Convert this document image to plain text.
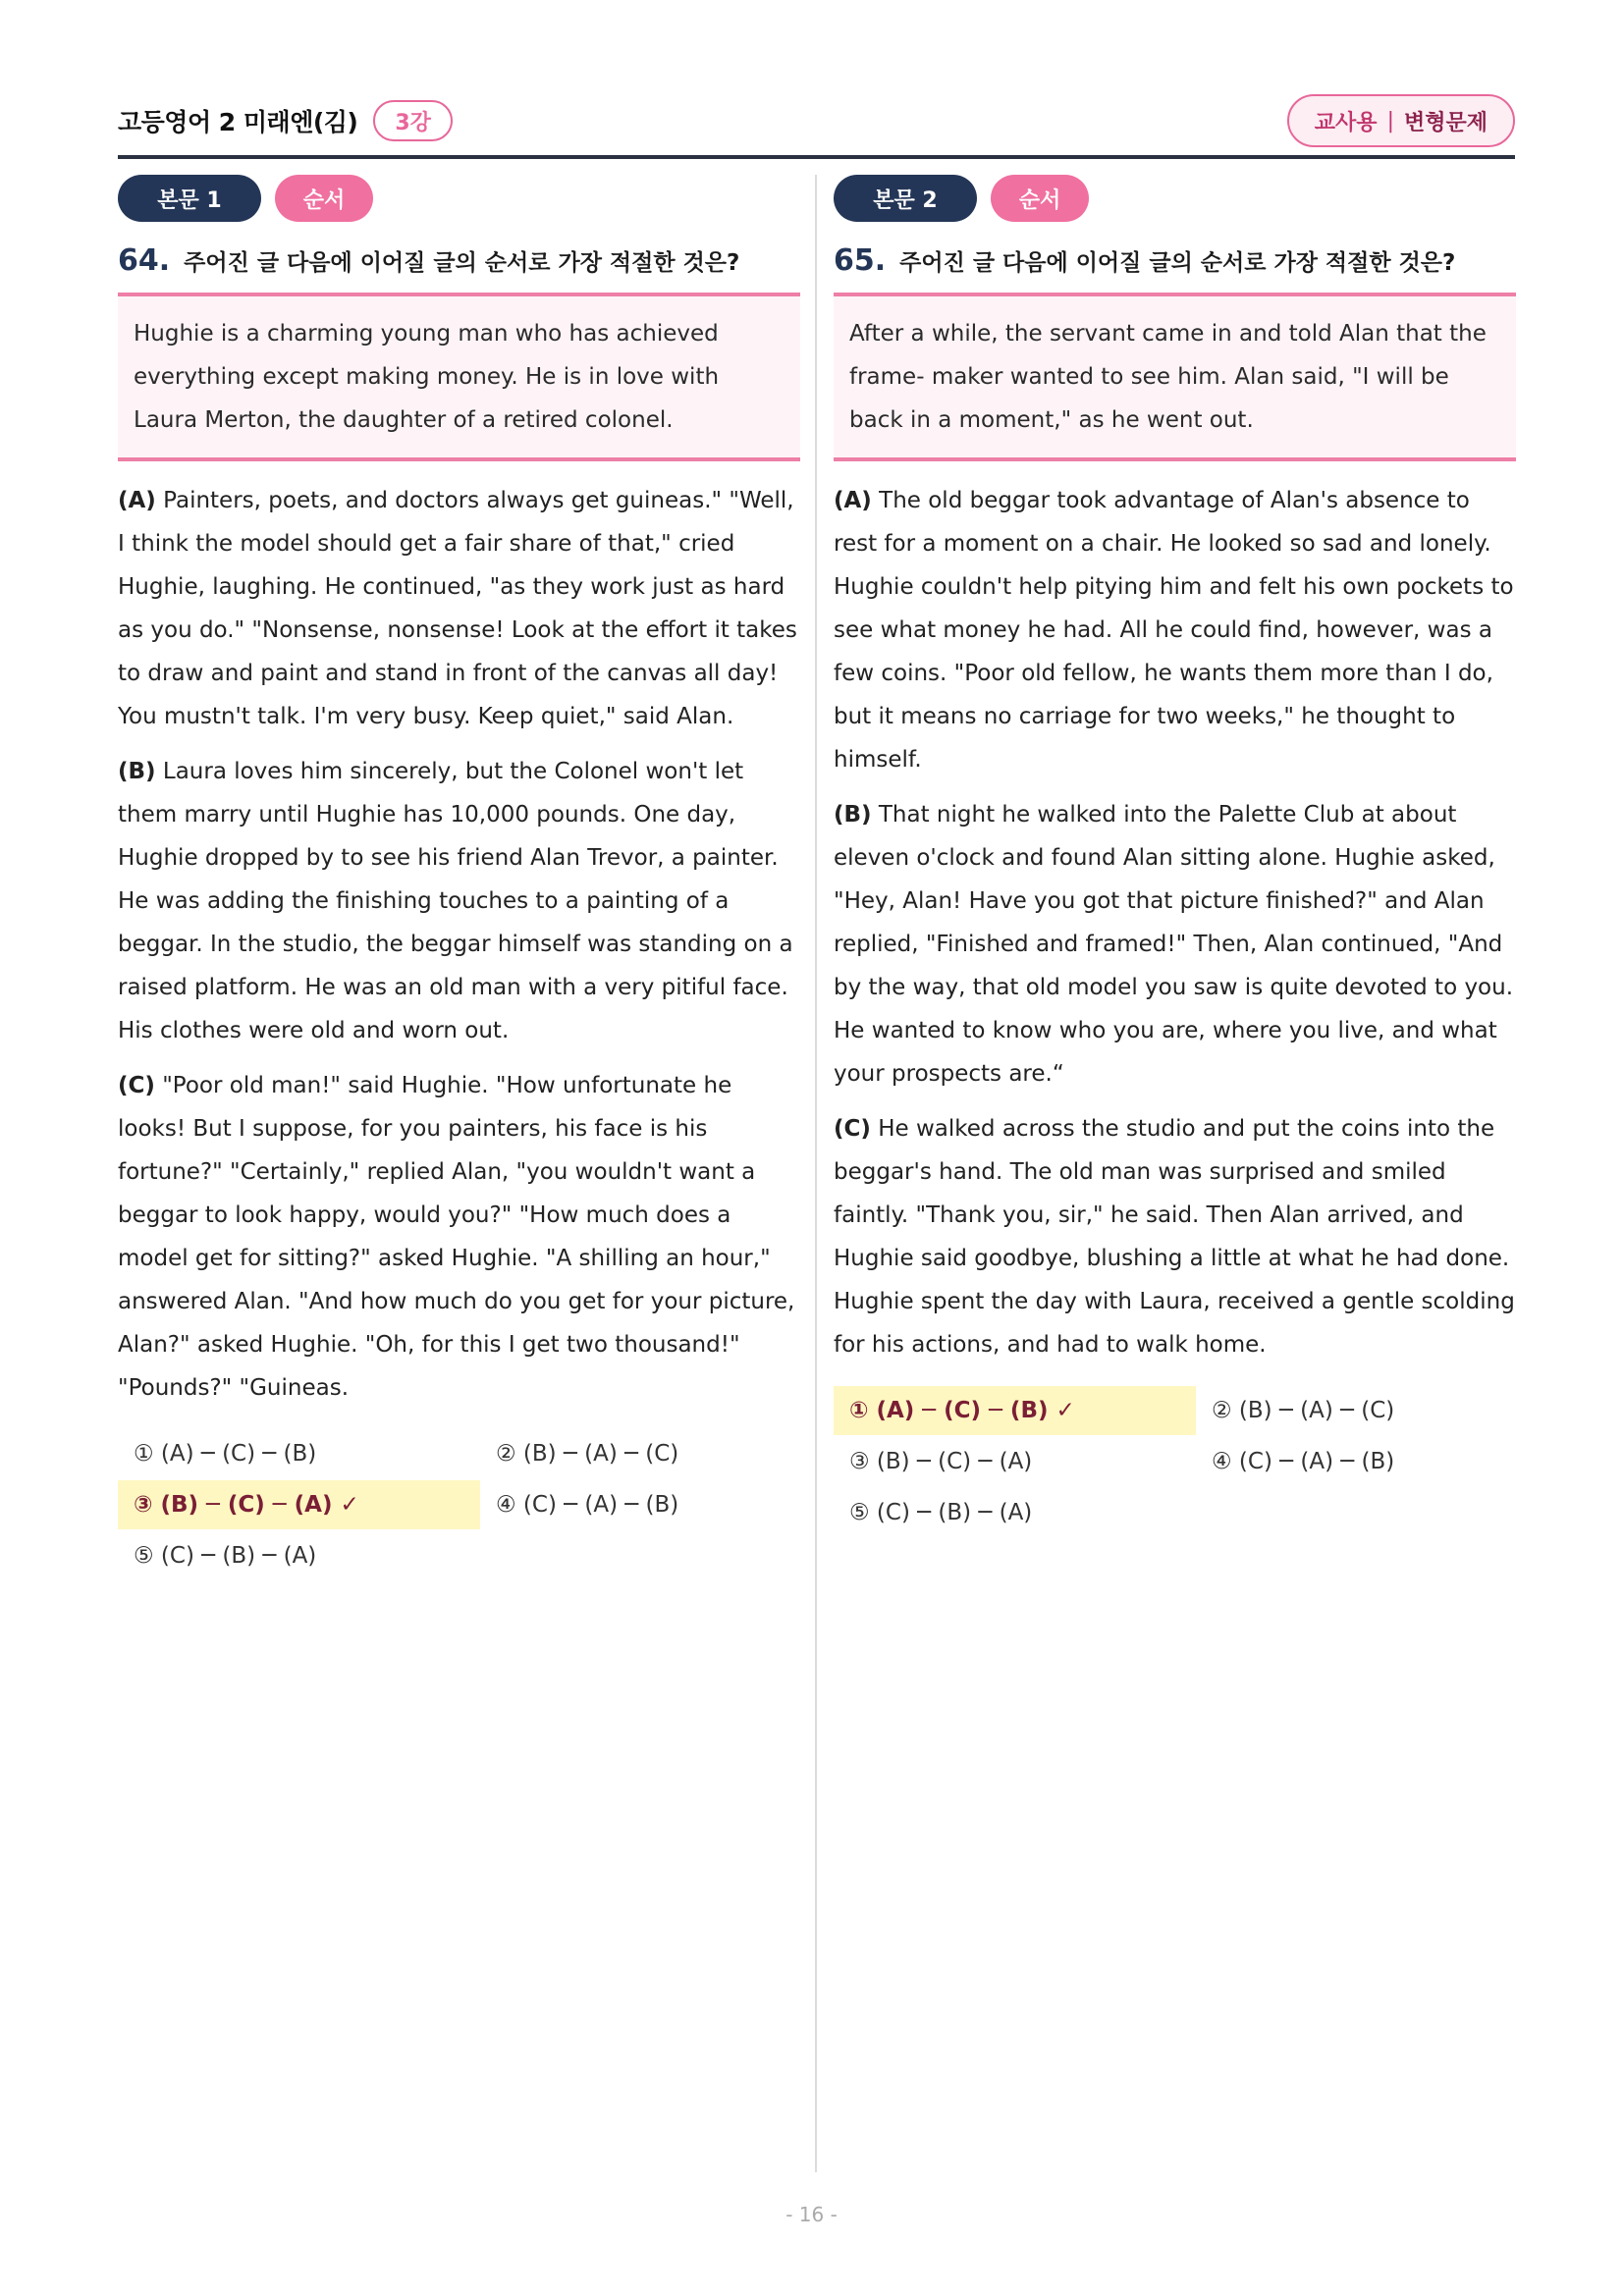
고등영어 2 미래엔(김)	3강	교사용 | 변형문제
본문 1	순서
64. 주어진 글 다음에 이어질 글의 순서로 가장 적절한 것은?
Hughie is a charming young man who has achieved everything except making money. He is in love with Laura Merton, the daughter of a retired colonel.

(A) Painters, poets, and doctors always get guineas." "Well, I think the model should get a fair share of that," cried Hughie, laughing. He continued, "as they work just as hard as you do." "Nonsense, nonsense! Look at the effort it takes to draw and paint and stand in front of the canvas all day! You mustn't talk. I'm very busy. Keep quiet," said Alan.

(B) Laura loves him sincerely, but the Colonel won't let them marry until Hughie has 10,000 pounds. One day, Hughie dropped by to see his friend Alan Trevor, a painter. He was adding the finishing touches to a painting of a beggar. In the studio, the beggar himself was standing on a raised platform. He was an old man with a very pitiful face. His clothes were old and worn out.

(C) "Poor old man!" said Hughie. "How unfortunate he looks! But I suppose, for you painters, his face is his fortune?" "Certainly," replied Alan, "you wouldn't want a beggar to look happy, would you?" "How much does a model get for sitting?" asked Hughie. "A shilling an hour," answered Alan. "And how much do you get for your picture, Alan?" asked Hughie. "Oh, for this I get two thousand!" "Pounds?" "Guineas.

① (A) ─ (C) ─ (B)	② (B) ─ (A) ─ (C)
③ (B) ─ (C) ─ (A) ✓	④ (C) ─ (A) ─ (B)
⑤ (C) ─ (B) ─ (A)
본문 2	순서
65. 주어진 글 다음에 이어질 글의 순서로 가장 적절한 것은?
After a while, the servant came in and told Alan that the frame- maker wanted to see him. Alan said, "I will be back in a moment," as he went out.

(A) The old beggar took advantage of Alan's absence to rest for a moment on a chair. He looked so sad and lonely. Hughie couldn't help pitying him and felt his own pockets to see what money he had. All he could find, however, was a few coins. "Poor old fellow, he wants them more than I do, but it means no carriage for two weeks," he thought to himself.

(B) That night he walked into the Palette Club at about eleven o'clock and found Alan sitting alone. Hughie asked, "Hey, Alan! Have you got that picture finished?" and Alan replied, "Finished and framed!" Then, Alan continued, "And by the way, that old model you saw is quite devoted to you. He wanted to know who you are, where you live, and what your prospects are.“

(C) He walked across the studio and put the coins into the beggar's hand. The old man was surprised and smiled faintly. "Thank you, sir," he said. Then Alan arrived, and Hughie said goodbye, blushing a little at what he had done. Hughie spent the day with Laura, received a gentle scolding for his actions, and had to walk home.

① (A) ─ (C) ─ (B) ✓	② (B) ─ (A) ─ (C)
③ (B) ─ (C) ─ (A)	④ (C) ─ (A) ─ (B)
⑤ (C) ─ (B) ─ (A)
- 16 -
